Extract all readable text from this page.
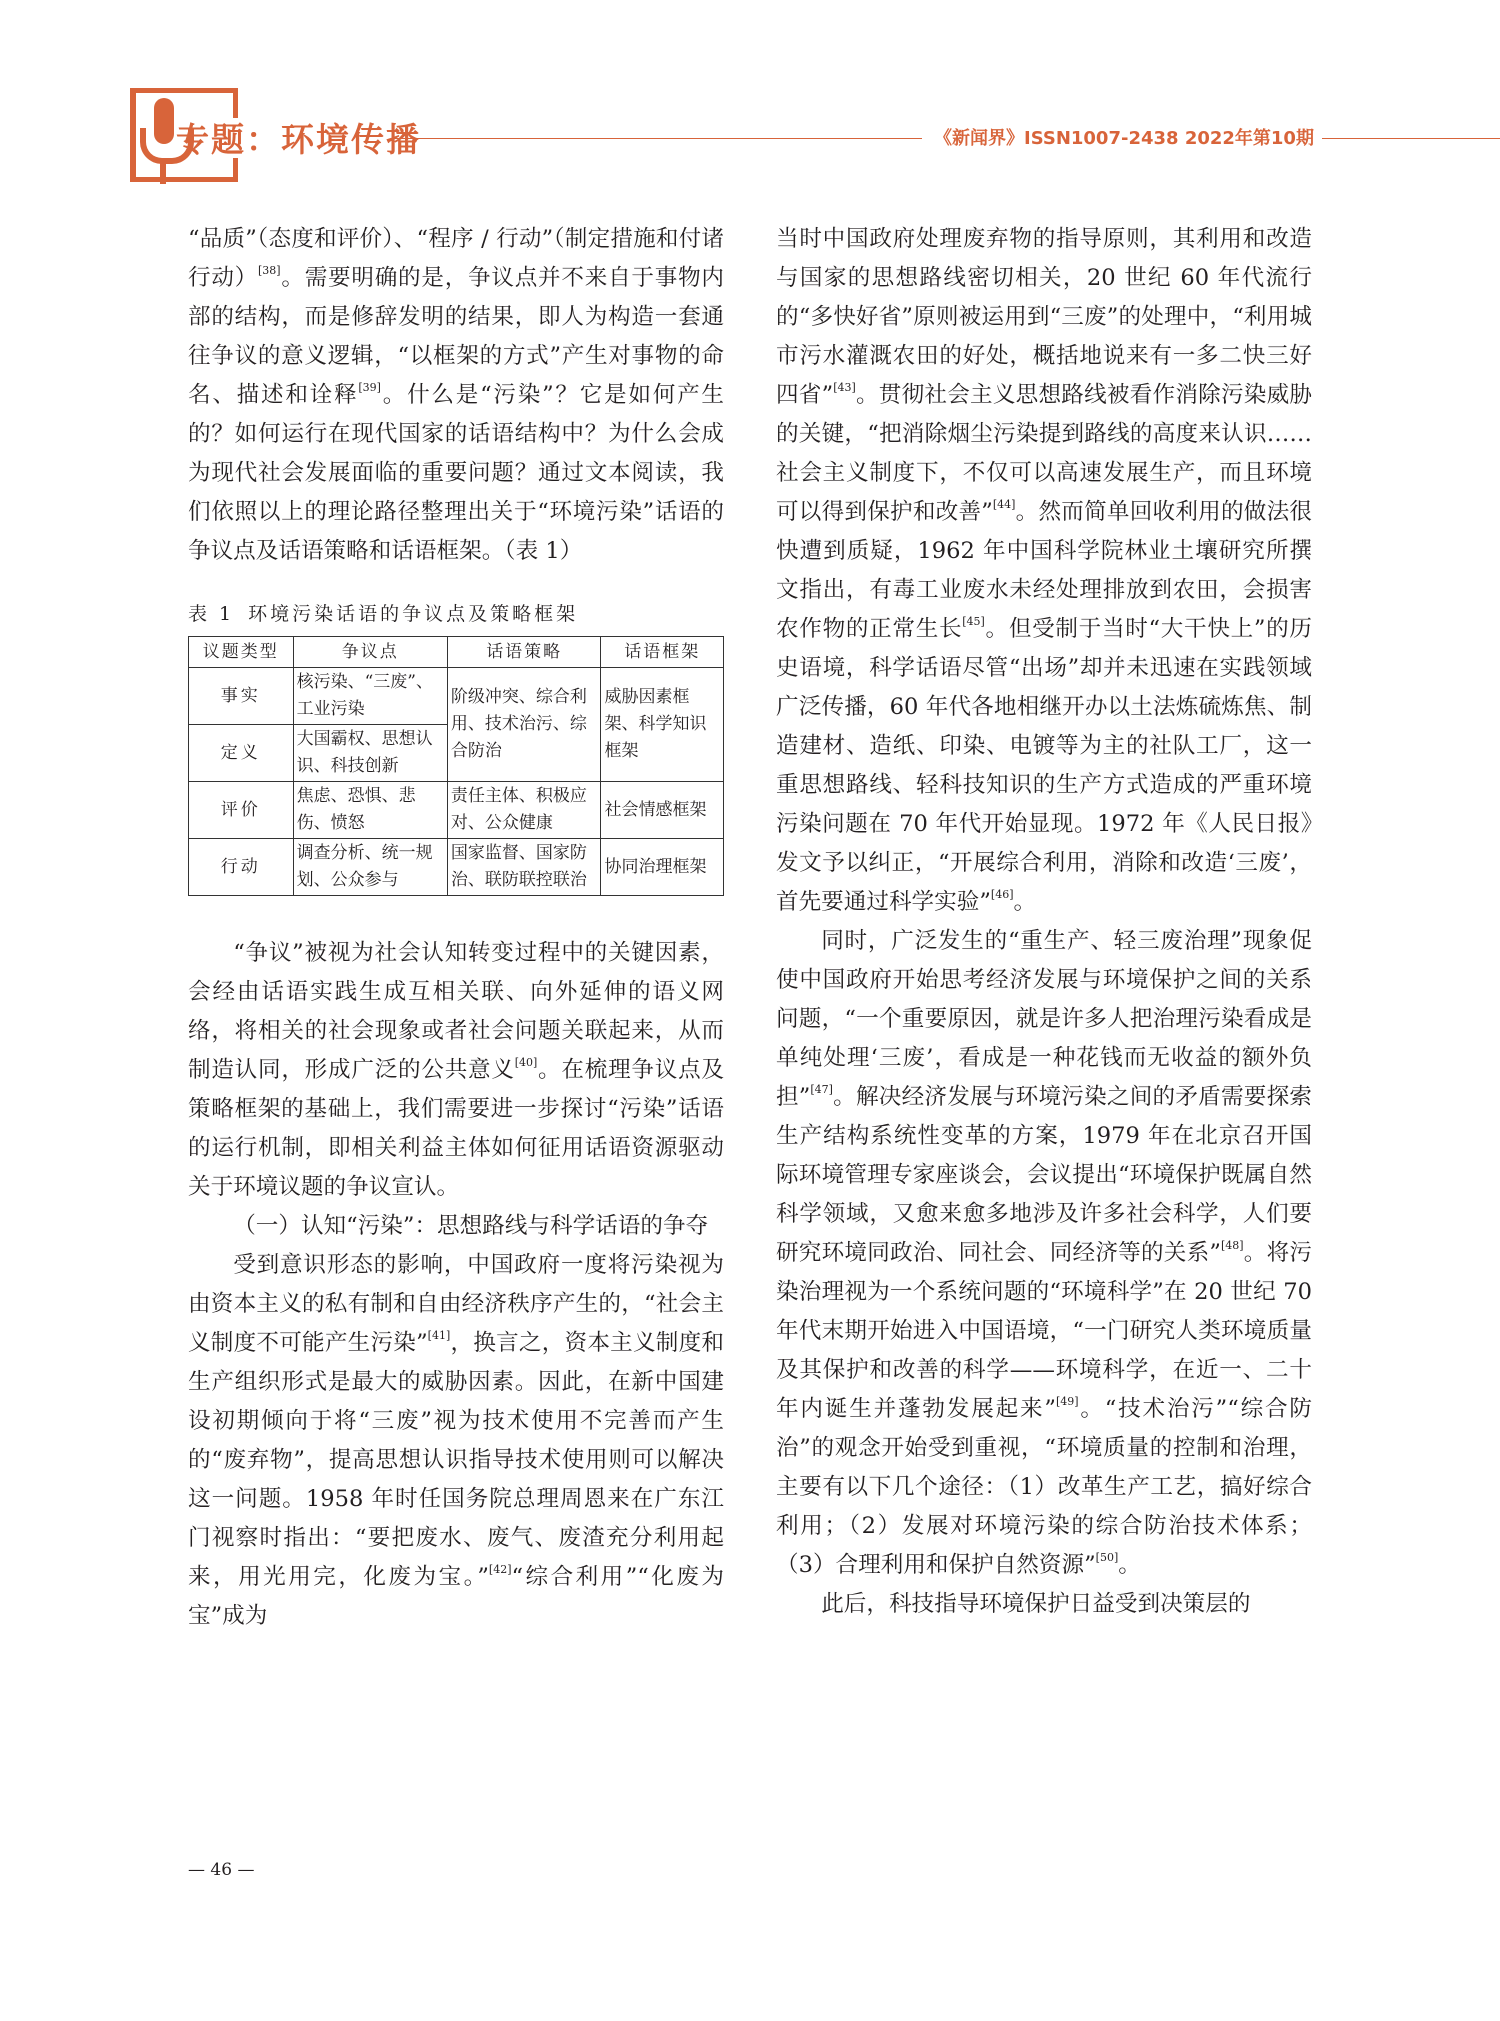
专题：环境传播	《新闻界》ISSN1007-2438 2022年第10期

“品质”（态度和评价）、“程序 / 行动”（制定措施和付诸行动）[38]。需要明确的是，争议点并不来自于事物内部的结构，而是修辞发明的结果，即人为构造一套通往争议的意义逻辑，“以框架的方式”产生对事物的命名、描述和诠释[39]。什么是“污染”？它是如何产生的？如何运行在现代国家的话语结构中？为什么会成为现代社会发展面临的重要问题？通过文本阅读，我们依照以上的理论路径整理出关于“环境污染”话语的争议点及话语策略和话语框架。（表 1）

表 1 环境污染话语的争议点及策略框架
议题类型	争议点	话语策略	话语框架
事实	核污染、“三废”、工业污染	阶级冲突、综合利用、技术治污、综合防治	威胁因素框架、科学知识框架
定义	大国霸权、思想认识、科技创新		
评价	焦虑、恐惧、悲伤、愤怒	责任主体、积极应对、公众健康	社会情感框架
行动	调查分析、统一规划、公众参与	国家监督、国家防治、联防联控联治	协同治理框架

“争议”被视为社会认知转变过程中的关键因素，会经由话语实践生成互相关联、向外延伸的语义网络，将相关的社会现象或者社会问题关联起来，从而制造认同，形成广泛的公共意义[40]。在梳理争议点及策略框架的基础上，我们需要进一步探讨“污染”话语的运行机制，即相关利益主体如何征用话语资源驱动关于环境议题的争议宣认。

（一）认知“污染”：思想路线与科学话语的争夺

受到意识形态的影响，中国政府一度将污染视为由资本主义的私有制和自由经济秩序产生的，“社会主义制度不可能产生污染”[41]，换言之，资本主义制度和生产组织形式是最大的威胁因素。因此，在新中国建设初期倾向于将“三废”视为技术使用不完善而产生的“废弃物”，提高思想认识指导技术使用则可以解决这一问题。1958 年时任国务院总理周恩来在广东江门视察时指出：“要把废水、废气、废渣充分利用起来，用光用完，化废为宝。”[42]“综合利用”“化废为宝”成为

当时中国政府处理废弃物的指导原则，其利用和改造与国家的思想路线密切相关，20 世纪 60 年代流行的“多快好省”原则被运用到“三废”的处理中，“利用城市污水灌溉农田的好处，概括地说来有一多二快三好四省”[43]。贯彻社会主义思想路线被看作消除污染威胁的关键，“把消除烟尘污染提到路线的高度来认识……社会主义制度下，不仅可以高速发展生产，而且环境可以得到保护和改善”[44]。然而简单回收利用的做法很快遭到质疑，1962 年中国科学院林业土壤研究所撰文指出，有毒工业废水未经处理排放到农田，会损害农作物的正常生长[45]。但受制于当时“大干快上”的历史语境，科学话语尽管“出场”却并未迅速在实践领域广泛传播，60 年代各地相继开办以土法炼硫炼焦、制造建材、造纸、印染、电镀等为主的社队工厂，这一重思想路线、轻科技知识的生产方式造成的严重环境污染问题在 70 年代开始显现。1972 年《人民日报》发文予以纠正，“开展综合利用，消除和改造‘三废’，首先要通过科学实验”[46]。

同时，广泛发生的“重生产、轻三废治理”现象促使中国政府开始思考经济发展与环境保护之间的关系问题，“一个重要原因，就是许多人把治理污染看成是单纯处理‘三废’，看成是一种花钱而无收益的额外负担”[47]。解决经济发展与环境污染之间的矛盾需要探索生产结构系统性变革的方案，1979 年在北京召开国际环境管理专家座谈会，会议提出“环境保护既属自然科学领域，又愈来愈多地涉及许多社会科学，人们要研究环境同政治、同社会、同经济等的关系”[48]。将污染治理视为一个系统问题的“环境科学”在 20 世纪 70 年代末期开始进入中国语境，“一门研究人类环境质量及其保护和改善的科学——环境科学，在近一、二十年内诞生并蓬勃发展起来”[49]。“技术治污”“综合防治”的观念开始受到重视，“环境质量的控制和治理，主要有以下几个途径：（1）改革生产工艺，搞好综合利用；（2）发展对环境污染的综合防治技术体系；（3）合理利用和保护自然资源”[50]。

此后，科技指导环境保护日益受到决策层的

— 46 —
